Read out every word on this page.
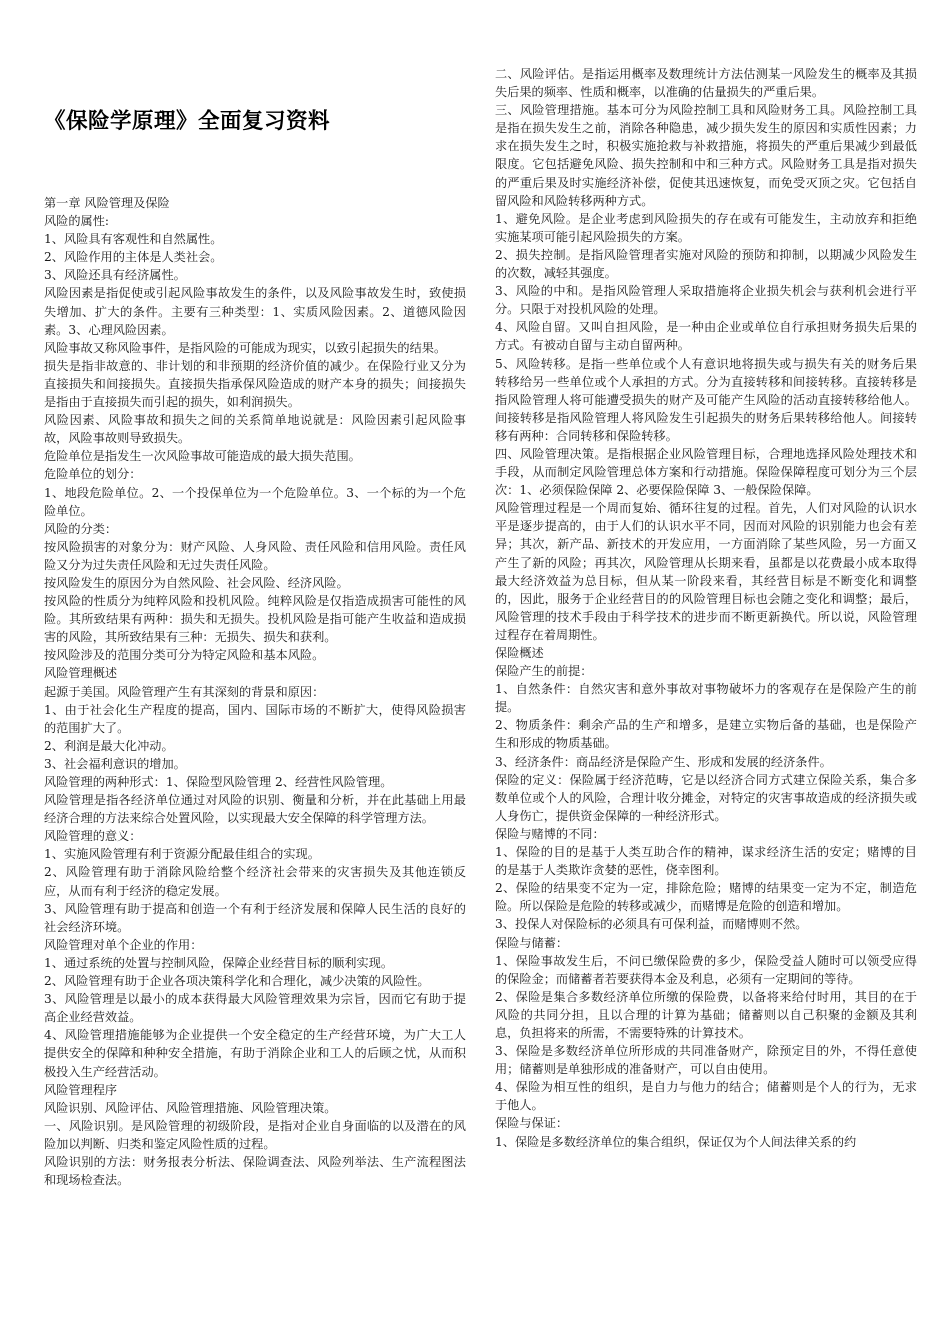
《保险学原理》全面复习资料

第一章 风险管理及保险

风险的属性:

1、风险具有客观性和自然属性。

2、风险作用的主体是人类社会。

3、风险还具有经济属性。

风险因素是指促使或引起风险事故发生的条件，以及风险事故发生时，致使损失增加、扩大的条件。主要有三种类型：1、实质风险因素。2、道德风险因素。3、心理风险因素。

风险事故又称风险事件，是指风险的可能成为现实，以致引起损失的结果。

损失是指非故意的、非计划的和非预期的经济价值的减少。在保险行业又分为直接损失和间接损失。直接损失指承保风险造成的财产本身的损失；间接损失是指由于直接损失而引起的损失，如利润损失。

风险因素、风险事故和损失之间的关系简单地说就是：风险因素引起风险事故，风险事故则导致损失。

危险单位是指发生一次风险事故可能造成的最大损失范围。

危险单位的划分：

1、地段危险单位。2、一个投保单位为一个危险单位。3、一个标的为一个危险单位。

风险的分类：

按风险损害的对象分为：财产风险、人身风险、责任风险和信用风险。责任风险又分为过失责任风险和无过失责任风险。

按风险发生的原因分为自然风险、社会风险、经济风险。

按风险的性质分为纯粹风险和投机风险。纯粹风险是仅指造成损害可能性的风险。其所致结果有两种：损失和无损失。投机风险是指可能产生收益和造成损害的风险，其所致结果有三种：无损失、损失和获利。

按风险涉及的范围分类可分为特定风险和基本风险。

风险管理概述

起源于美国。风险管理产生有其深刻的背景和原因：

1、由于社会化生产程度的提高，国内、国际市场的不断扩大，使得风险损害的范围扩大了。

2、利润是最大化冲动。

3、社会福利意识的增加。

风险管理的两种形式：1、保险型风险管理 2、经营性风险管理。

风险管理是指各经济单位通过对风险的识别、衡量和分析，并在此基础上用最经济合理的方法来综合处置风险，以实现最大安全保障的科学管理方法。

风险管理的意义：

1、实施风险管理有利于资源分配最佳组合的实现。

2、风险管理有助于消除风险给整个经济社会带来的灾害损失及其他连锁反应，从而有利于经济的稳定发展。

3、风险管理有助于提高和创造一个有利于经济发展和保障人民生活的良好的社会经济环境。

风险管理对单个企业的作用：

1、通过系统的处置与控制风险，保障企业经营目标的顺利实现。

2、风险管理有助于企业各项决策科学化和合理化，减少决策的风险性。

3、风险管理是以最小的成本获得最大风险管理效果为宗旨，因而它有助于提高企业经营效益。

4、风险管理措施能够为企业提供一个安全稳定的生产经营环境，为广大工人提供安全的保障和种种安全措施，有助于消除企业和工人的后顾之忧，从而积极投入生产经营活动。

风险管理程序

风险识别、风险评估、风险管理措施、风险管理决策。

一、风险识别。是风险管理的初级阶段，是指对企业自身面临的以及潜在的风险加以判断、归类和鉴定风险性质的过程。

风险识别的方法：财务报表分析法、保险调查法、风险列举法、生产流程图法和现场检查法。

二、风险评估。是指运用概率及数理统计方法估测某一风险发生的概率及其损失后果的频率、性质和概率，以准确的估量损失的严重后果。

三、风险管理措施。基本可分为风险控制工具和风险财务工具。风险控制工具是指在损失发生之前，消除各种隐患，减少损失发生的原因和实质性因素；力求在损失发生之时，积极实施抢救与补救措施，将损失的严重后果减少到最低限度。它包括避免风险、损失控制和中和三种方式。风险财务工具是指对损失的严重后果及时实施经济补偿，促使其迅速恢复，而免受灭顶之灾。它包括自留风险和风险转移两种方式。

1、避免风险。是企业考虑到风险损失的存在或有可能发生，主动放弃和拒绝实施某项可能引起风险损失的方案。

2、损失控制。是指风险管理者实施对风险的预防和抑制，以期减少风险发生的次数，减轻其强度。

3、风险的中和。是指风险管理人采取措施将企业损失机会与获利机会进行平分。只限于对投机风险的处理。

4、风险自留。又叫自担风险，是一种由企业或单位自行承担财务损失后果的方式。有被动自留与主动自留两种。

5、风险转移。是指一些单位或个人有意识地将损失或与损失有关的财务后果转移给另一些单位或个人承担的方式。分为直接转移和间接转移。直接转移是指风险管理人将可能遭受损失的财产及可能产生风险的活动直接转移给他人。间接转移是指风险管理人将风险发生引起损失的财务后果转移给他人。间接转移有两种：合同转移和保险转移。

四、风险管理决策。是指根据企业风险管理目标，合理地选择风险处理技术和手段，从而制定风险管理总体方案和行动措施。保险保障程度可划分为三个层次：1、必须保险保障 2、必要保险保障 3、一般保险保障。

风险管理过程是一个周而复始、循环往复的过程。首先，人们对风险的认识水平是逐步提高的，由于人们的认识水平不同，因而对风险的识别能力也会有差异；其次，新产品、新技术的开发应用，一方面消除了某些风险，另一方面又产生了新的风险；再其次，风险管理从长期来看，虽都是以花费最小成本取得最大经济效益为总目标，但从某一阶段来看，其经营目标是不断变化和调整的，因此，服务于企业经营目的的风险管理目标也会随之变化和调整；最后，风险管理的技术手段由于科学技术的进步而不断更新换代。所以说，风险管理过程存在着周期性。

保险概述

保险产生的前提：

1、自然条件：自然灾害和意外事故对事物破坏力的客观存在是保险产生的前提。

2、物质条件：剩余产品的生产和增多，是建立实物后备的基础，也是保险产生和形成的物质基础。

3、经济条件：商品经济是保险产生、形成和发展的经济条件。

保险的定义：保险属于经济范畴，它是以经济合同方式建立保险关系，集合多数单位或个人的风险，合理计收分摊金，对特定的灾害事故造成的经济损失或人身伤亡，提供资金保障的一种经济形式。

保险与赌博的不同：

1、保险的目的是基于人类互助合作的精神，谋求经济生活的安定；赌博的目的是基于人类欺诈贪婪的恶性，侥幸图利。

2、保险的结果变不定为一定，排除危险；赌博的结果变一定为不定，制造危险。所以保险是危险的转移或减少，而赌博是危险的创造和增加。

3、投保人对保险标的必须具有可保利益，而赌博则不然。

保险与储蓄：

1、保险事故发生后，不问已缴保险费的多少，保险受益人随时可以领受应得的保险金；而储蓄者若要获得本金及利息，必须有一定期间的等待。

2、保险是集合多数经济单位所缴的保险费，以备将来给付时用，其目的在于风险的共同分担，且以合理的计算为基础；储蓄则以自己积聚的金额及其利息，负担将来的所需，不需要特殊的计算技术。

3、保险是多数经济单位所形成的共同准备财产，除预定目的外，不得任意使用；储蓄则是单独形成的准备财产，可以自由使用。

4、保险为相互性的组织，是自力与他力的结合；储蓄则是个人的行为，无求于他人。

保险与保证：

1、保险是多数经济单位的集合组织，保证仅为个人间法律关系的约
